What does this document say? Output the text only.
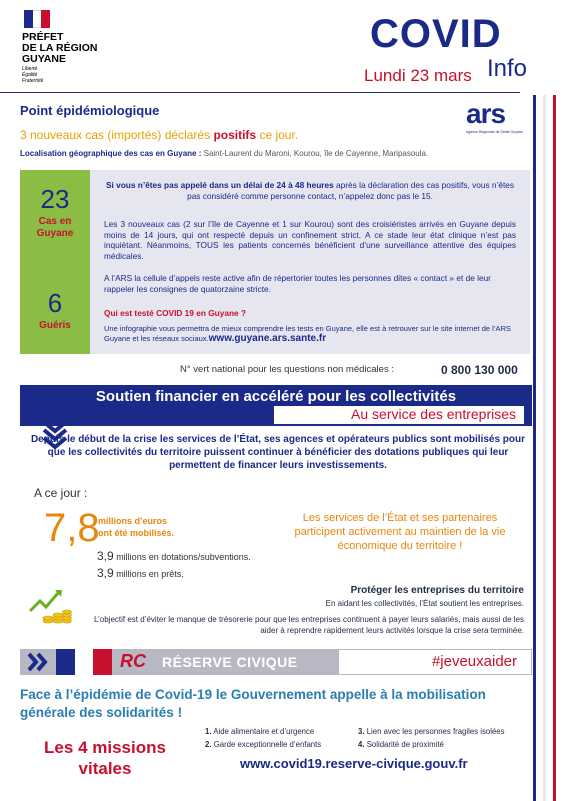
PRÉFET
DE LA RÉGION
GUYANE
Liberté
Égalité
Fraternité
COVID
Info
Lundi 23 mars
Point épidémiologique
3 nouveaux cas (importés) déclarés positifs ce jour.
Localisation géographique des cas en Guyane : Saint-Laurent du Maroni, Kourou, île de Cayenne, Maripasoula.
ars
Agence Régionale de Santé Guyane
23
Cas en
Guyane
6
Guéris
Si vous n’êtes pas appelé dans un délai de 24 à 48 heures après la déclaration des cas positifs, vous n’êtes pas considéré comme personne contact, n’appelez donc pas le 15.
Les 3 nouveaux cas (2 sur l’île de Cayenne et 1 sur Kourou) sont des croisiéristes arrivés en Guyane depuis moins de 14 jours, qui ont respecté depuis un confinement strict. A ce stade leur état clinique n’est pas inquiétant. Néanmoins, TOUS les patients concernés bénéficient d’une surveillance attentive des équipes médicales.
A l’ARS la cellule d’appels reste active afin de répertorier toutes les personnes dites « contact » et de leur rappeler les consignes de quatorzaine stricte.
Qui est testé COVID 19 en Guyane ?
Une infographie vous permettra de mieux comprendre les tests en Guyane, elle est à retrouver sur le site internet de l’ARS Guyane et les réseaux sociaux.www.guyane.ars.sante.fr
N° vert national pour les questions non médicales :	0 800 130 000
Soutien financier en accéléré pour les collectivités
Au service des entreprises
Depuis le début de la crise les services de l’État, ses agences et opérateurs publics sont mobilisés pour que les collectivités du territoire puissent continuer à bénéficier des dotations publiques qui leur permettent de financer leurs investissements.
A ce jour :
7,8
millions d’euros
ont été mobilisés.
3,9 millions en dotations/subventions.
3,9 millions en prêts.
Les services de l’État et ses partenaires participent activement au maintien de la vie économique du territoire !
Protéger les entreprises du territoire
En aidant les collectivités, l’État soutient les entreprises.
L’objectif est d’éviter le manque de trésorerie pour que les entreprises continuent à payer leurs salariés, mais aussi de les aider à reprendre rapidement leurs activités lorsque la crise sera terminée.
RC	RÉSERVE CIVIQUE	#jeveuxaider
Face à l’épidémie de Covid-19 le Gouvernement appelle à la mobilisation générale des solidarités !
Les 4 missions vitales
1. Aide alimentaire et d’urgence
2. Garde exceptionnelle d’enfants
3. Lien avec les personnes fragiles isolées
4. Solidarité de proximité
www.covid19.reserve-civique.gouv.fr
